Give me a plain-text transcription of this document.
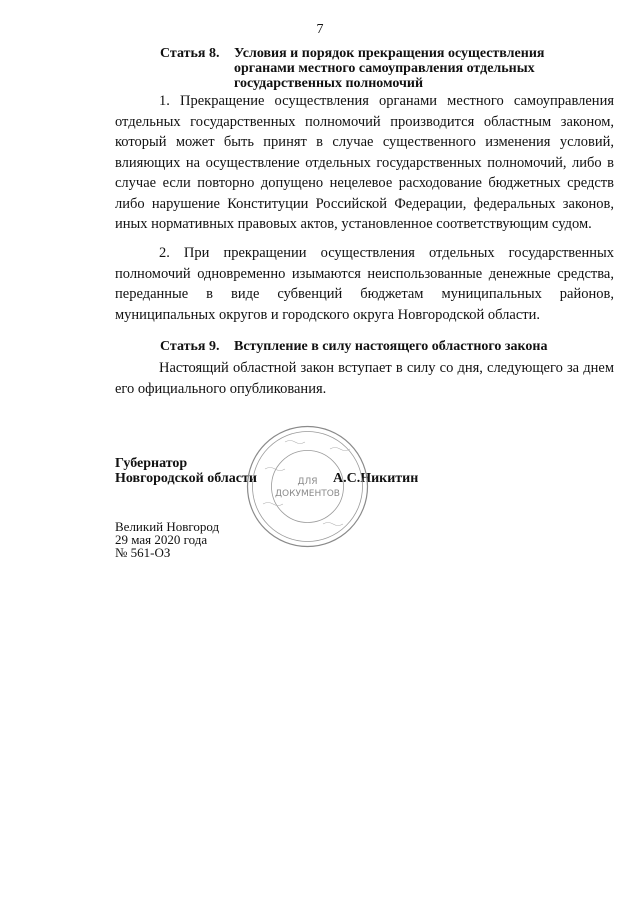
7
Статья 8.	Условия и порядок прекращения осуществления
органами местного самоуправления отдельных
государственных полномочий

1. Прекращение осуществления органами местного самоуправления отдельных государственных полномочий производится областным законом, который может быть принят в случае существенного изменения условий, влияющих на осуществление отдельных государственных полномочий, либо в случае если повторно допущено нецелевое расходование бюджетных средств либо нарушение Конституции Российской Федерации, федеральных законов, иных нормативных правовых актов, установленное соответствующим судом.

2. При прекращении осуществления отдельных государственных полномочий одновременно изымаются неиспользованные денежные средства, переданные в виде субвенций бюджетам муниципальных районов, муниципальных округов и городского округа Новгородской области.

Статья 9.	Вступление в силу настоящего областного закона

Настоящий областной закон вступает в силу со дня, следующего за днем его официального опубликования.

Губернатор
Новгородской области	А.С.Никитин
ДЛЯ
ДОКУМЕНТОВ
Великий Новгород
29 мая 2020 года
№ 561-ОЗ
